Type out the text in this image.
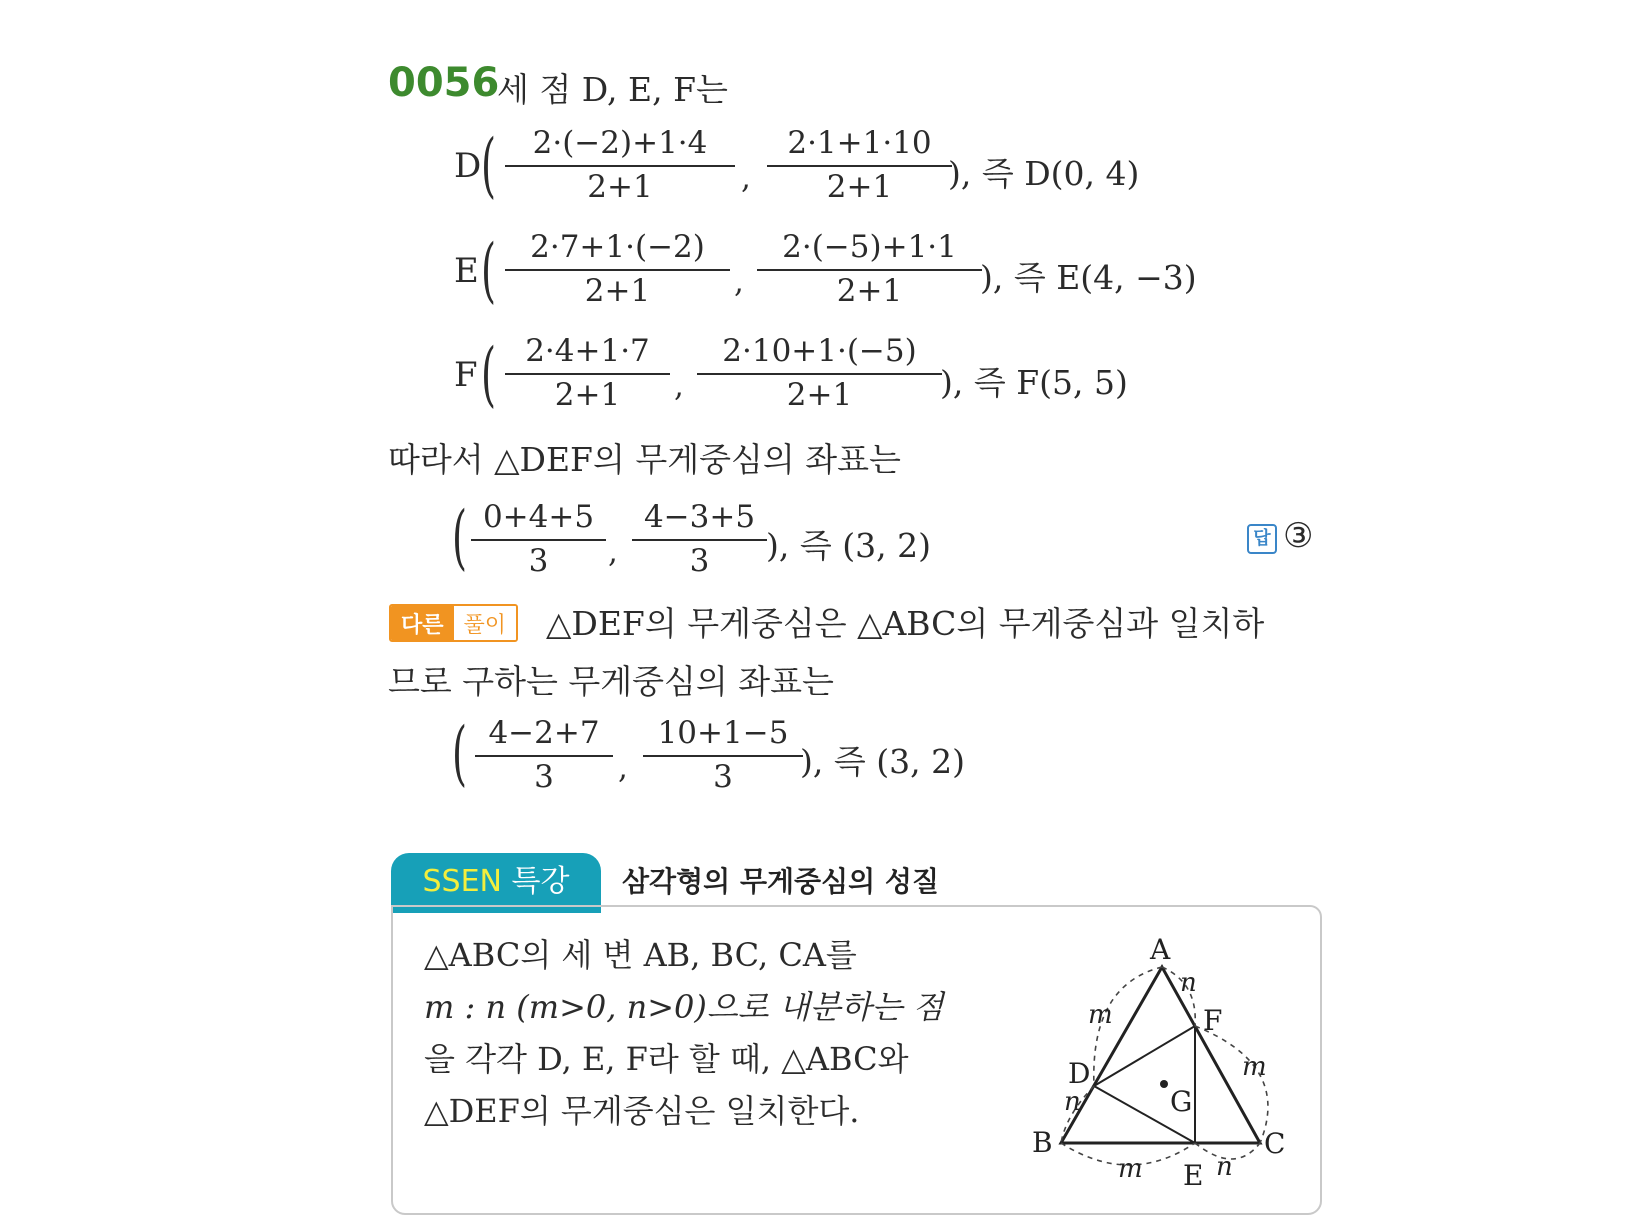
0056
세 점 D, E, F는
D (	2·(−2)+1·4
2+1	,
2·1+1·10
2+1	), 즉 D(0, 4)
E (	2·7+1·(−2)
2+1	,
2·(−5)+1·1
2+1	), 즉 E(4, −3)
F ( 2·4+1·7
2+1	,
2·10+1·(−5)
2+1	), 즉 F(5, 5)
따라서 △DEF의 무게중심의 좌표는
( 0+4+5
3	,
4−3+5
3	), 즉 (3, 2)	답 ③
다른 풀이	△DEF의 무게중심은 △ABC의 무게중심과 일치하
므로 구하는 무게중심의 좌표는
( 4−2+7
3	,
10+1−5
3	), 즉 (3, 2)
SSEN 특강	삼각형의 무게중심의 성질
△ABC의 세 변 AB, BC, CA를
m : n (m>0, n>0)으로 내분하는 점
을 각각 D, E, F라 할 때, △ABC와
△DEF의 무게중심은 일치한다.
A
B	C
D
E
F
G
m
n
m	n
n
m
